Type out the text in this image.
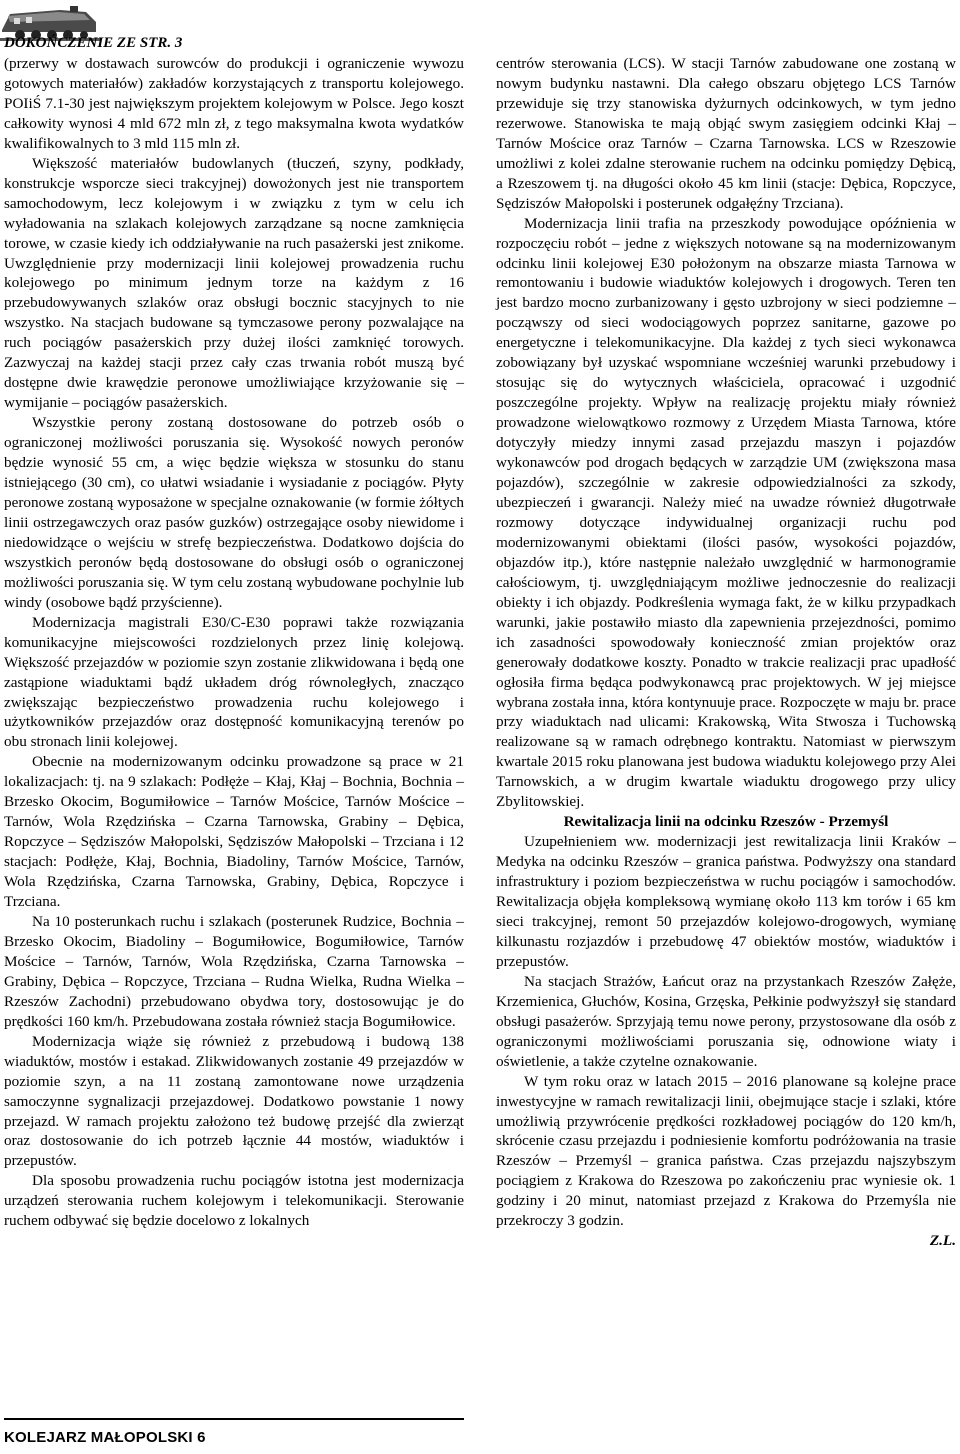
DOKOŃCZENIE ZE STR. 3

(przerwy w dostawach surowców do produkcji i ograniczenie wywozu gotowych materiałów) zakładów korzystających z transportu kolejowego. POIiŚ 7.1-30 jest największym projektem kolejowym w Polsce. Jego koszt całkowity wynosi 4 mld 672 mln zł, z tego maksymalna kwota wydatków kwalifikowalnych to 3 mld 115 mln zł.

Większość materiałów budowlanych (tłuczeń, szyny, podkłady, konstrukcje wsporcze sieci trakcyjnej) dowożonych jest nie transportem samochodowym, lecz kolejowym i w związku z tym w celu ich wyładowania na szlakach kolejowych zarządzane są nocne zamknięcia torowe, w czasie kiedy ich oddziaływanie na ruch pasażerski jest znikome. Uwzględnienie przy modernizacji linii kolejowej prowadzenia ruchu kolejowego po minimum jednym torze na każdym z 16 przebudowywanych szlaków oraz obsługi bocznic stacyjnych to nie wszystko. Na stacjach budowane są tymczasowe perony pozwalające na ruch pociągów pasażerskich przy dużej ilości zamknięć torowych. Zazwyczaj na każdej stacji przez cały czas trwania robót muszą być dostępne dwie krawędzie peronowe umożliwiające krzyżowanie się – wymijanie – pociągów pasażerskich.

Wszystkie perony zostaną dostosowane do potrzeb osób o ograniczonej możliwości poruszania się. Wysokość nowych peronów będzie wynosić 55 cm, a więc będzie większa w stosunku do stanu istniejącego (30 cm), co ułatwi wsiadanie i wysiadanie z pociągów. Płyty peronowe zostaną wyposażone w specjalne oznakowanie (w formie żółtych linii ostrzegawczych oraz pasów guzków) ostrzegające osoby niewidome i niedowidzące o wejściu w strefę bezpieczeństwa. Dodatkowo dojścia do wszystkich peronów będą dostosowane do obsługi osób o ograniczonej możliwości poruszania się. W tym celu zostaną wybudowane pochylnie lub windy (osobowe bądź przyścienne).

Modernizacja magistrali E30/C-E30 poprawi także rozwiązania komunikacyjne miejscowości rozdzielonych przez linię kolejową. Większość przejazdów w poziomie szyn zostanie zlikwidowana i będą one zastąpione wiaduktami bądź układem dróg równoległych, znacząco zwiększając bezpieczeństwo prowadzenia ruchu kolejowego i użytkowników przejazdów oraz dostępność komunikacyjną terenów po obu stronach linii kolejowej.

Obecnie na modernizowanym odcinku prowadzone są prace w 21 lokalizacjach: tj. na 9 szlakach: Podłęże – Kłaj, Kłaj – Bochnia, Bochnia – Brzesko Okocim, Bogumiłowice – Tarnów Mościce, Tarnów Mościce – Tarnów, Wola Rzędzińska – Czarna Tarnowska, Grabiny – Dębica, Ropczyce – Sędziszów Małopolski, Sędziszów Małopolski – Trzciana i 12 stacjach: Podłęże, Kłaj, Bochnia, Biadoliny, Tarnów Mościce, Tarnów, Wola Rzędzińska, Czarna Tarnowska, Grabiny, Dębica, Ropczyce i Trzciana.

Na 10 posterunkach ruchu i szlakach (posterunek Rudzice, Bochnia – Brzesko Okocim, Biadoliny – Bogumiłowice, Bogumiłowice, Tarnów Mościce – Tarnów, Tarnów, Wola Rzędzińska, Czarna Tarnowska – Grabiny, Dębica – Ropczyce, Trzciana – Rudna Wielka, Rudna Wielka – Rzeszów Zachodni) przebudowano obydwa tory, dostosowując je do prędkości 160 km/h. Przebudowana została również stacja Bogumiłowice.

Modernizacja wiąże się również z przebudową i budową 138 wiaduktów, mostów i estakad. Zlikwidowanych zostanie 49 przejazdów w poziomie szyn, a na 11 zostaną zamontowane nowe urządzenia samoczynne sygnalizacji przejazdowej. Dodatkowo powstanie 1 nowy przejazd. W ramach projektu założono też budowę przejść dla zwierząt oraz dostosowanie do ich potrzeb łącznie 44 mostów, wiaduktów i przepustów.

Dla sposobu prowadzenia ruchu pociągów istotna jest modernizacja urządzeń sterowania ruchem kolejowym i telekomunikacji. Sterowanie ruchem odbywać się będzie docelowo z lokalnych

KOLEJARZ MAŁOPOLSKI 6

centrów sterowania (LCS). W stacji Tarnów zabudowane one zostaną w nowym budynku nastawni. Dla całego obszaru objętego LCS Tarnów przewiduje się trzy stanowiska dyżurnych odcinkowych, w tym jedno rezerwowe. Stanowiska te mają objąć swym zasięgiem odcinki Kłaj – Tarnów Mościce oraz Tarnów – Czarna Tarnowska. LCS w Rzeszowie umożliwi z kolei zdalne sterowanie ruchem na odcinku pomiędzy Dębicą, a Rzeszowem tj. na długości około 45 km linii (stacje: Dębica, Ropczyce, Sędziszów Małopolski i posterunek odgałęźny Trzciana).

Modernizacja linii trafia na przeszkody powodujące opóźnienia w rozpoczęciu robót – jedne z większych notowane są na modernizowanym odcinku linii kolejowej E30 położonym na obszarze miasta Tarnowa w remontowaniu i budowie wiaduktów kolejowych i drogowych. Teren ten jest bardzo mocno zurbanizowany i gęsto uzbrojony w sieci podziemne – począwszy od sieci wodociągowych poprzez sanitarne, gazowe po energetyczne i telekomunikacyjne. Dla każdej z tych sieci wykonawca zobowiązany był uzyskać wspomniane wcześniej warunki przebudowy i stosując się do wytycznych właściciela, opracować i uzgodnić poszczególne projekty. Wpływ na realizację projektu miały również prowadzone wielowątkowo rozmowy z Urzędem Miasta Tarnowa, które dotyczyły miedzy innymi zasad przejazdu maszyn i pojazdów wykonawców pod drogach będących w zarządzie UM (zwiększona masa pojazdów), szczególnie w zakresie odpowiedzialności za szkody, ubezpieczeń i gwarancji. Należy mieć na uwadze również długotrwałe rozmowy dotyczące indywidualnej organizacji ruchu pod modernizowanymi obiektami (ilości pasów, wysokości pojazdów, objazdów itp.), które następnie należało uwzględnić w harmonogramie całościowym, tj. uwzględniającym możliwe jednoczesnie do realizacji obiekty i ich objazdy. Podkreślenia wymaga fakt, że w kilku przypadkach warunki, jakie postawiło miasto dla zapewnienia przejezdności, pomimo ich zasadności spowodowały konieczność zmian projektów oraz generowały dodatkowe koszty. Ponadto w trakcie realizacji prac upadłość ogłosiła firma będąca podwykonawcą prac projektowych. W jej miejsce wybrana została inna, która kontynuuje prace. Rozpoczęte w maju br. prace przy wiaduktach nad ulicami: Krakowską, Wita Stwosza i Tuchowską realizowane są w ramach odrębnego kontraktu. Natomiast w pierwszym kwartale 2015 roku planowana jest budowa wiaduktu kolejowego przy Alei Tarnowskich, a w drugim kwartale wiaduktu drogowego przy ulicy Zbylitowskiej.

Rewitalizacja linii na odcinku Rzeszów - Przemyśl

Uzupełnieniem ww. modernizacji jest rewitalizacja linii Kraków – Medyka na odcinku Rzeszów – granica państwa. Podwyższy ona standard infrastruktury i poziom bezpieczeństwa w ruchu pociągów i samochodów. Rewitalizacja objęła kompleksową wymianę około 113 km torów i 65 km sieci trakcyjnej, remont 50 przejazdów kolejowo-drogowych, wymianę kilkunastu rozjazdów i przebudowę 47 obiektów mostów, wiaduktów i przepustów.

Na stacjach Strażów, Łańcut oraz na przystankach Rzeszów Załęże, Krzemienica, Głuchów, Kosina, Grzęska, Pełkinie podwyższył się standard obsługi pasażerów. Sprzyjają temu nowe perony, przystosowane dla osób z ograniczonymi możliwościami poruszania się, odnowione wiaty i oświetlenie, a także czytelne oznakowanie.

W tym roku oraz w latach 2015 – 2016 planowane są kolejne prace inwestycyjne w ramach rewitalizacji linii, obejmujące stacje i szlaki, które umożliwią przywrócenie prędkości rozkładowej pociągów do 120 km/h, skrócenie czasu przejazdu i podniesienie komfortu podróżowania na trasie Rzeszów – Przemyśl – granica państwa. Czas przejazdu najszybszym pociągiem z Krakowa do Rzeszowa po zakończeniu prac wyniesie ok. 1 godziny i 20 minut, natomiast przejazd z Krakowa do Przemyśla nie przekroczy 3 godzin.

Z.L.
